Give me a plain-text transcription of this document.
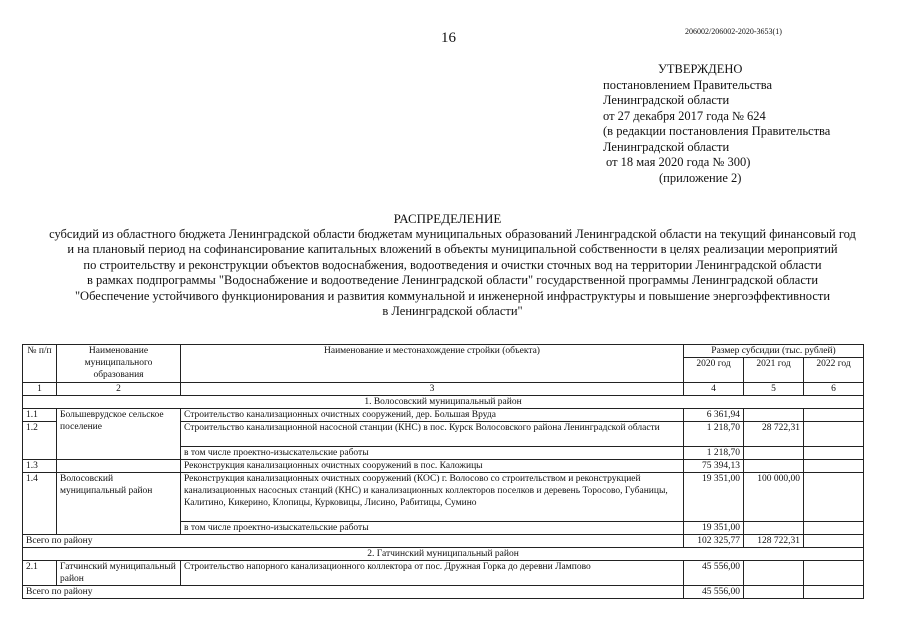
16	206002/206002-2020-3653(1)
УТВЕРЖДЕНО
постановлением Правительства
Ленинградской области
от 27 декабря 2017 года № 624
(в редакции постановления Правительства
Ленинградской области
от 18 мая 2020 года № 300)
(приложение 2)
РАСПРЕДЕЛЕНИЕ
субсидий из областного бюджета Ленинградской области бюджетам муниципальных образований Ленинградской области на текущий финансовый год
и на плановый период на софинансирование капитальных вложений в объекты муниципальной собственности в целях реализации мероприятий
по строительству и реконструкции объектов водоснабжения, водоотведения и очистки сточных вод на территории Ленинградской области
в рамках подпрограммы "Водоснабжение и водоотведение Ленинградской области" государственной программы Ленинградской области
"Обеспечение устойчивого функционирования и развития коммунальной и инженерной инфраструктуры и повышение энергоэффективности
в Ленинградской области"
№ п/п	Наименование муниципального образования	Наименование и местонахождение стройки (объекта)	Размер субсидии (тыс. рублей)		
			2020 год	2021 год	2022 год
1	2	3	4	5	6
1. Волосовский муниципальный район					
1.1	Большеврудское сельское поселение	Строительство канализационных очистных сооружений, дер. Большая Вруда	6 361,94		
1.2		Строительство канализационной насосной станции (КНС) в пос. Курск Волосовского района Ленинградской области	1 218,70	28 722,31	
		в том числе проектно-изыскательские работы	1 218,70		
1.3		Реконструкция канализационных очистных сооружений в пос. Каложицы	75 394,13		
1.4	Волосовский муниципальный район	Реконструкция канализационных очистных сооружений (КОС) г. Волосово со строительством и реконструкцией канализационных насосных станций (КНС) и канализационных коллекторов поселков и деревень Торосово, Губаницы, Калитино, Кикерино, Клопицы, Курковицы, Лисино, Рабитицы, Сумино	19 351,00	100 000,00	
		в том числе проектно-изыскательские работы	19 351,00		
Всего по району			102 325,77	128 722,31	
2. Гатчинский муниципальный район					
2.1	Гатчинский муниципальный район	Строительство напорного канализационного коллектора от пос. Дружная Горка до деревни Лампово	45 556,00		
Всего по району			45 556,00		
